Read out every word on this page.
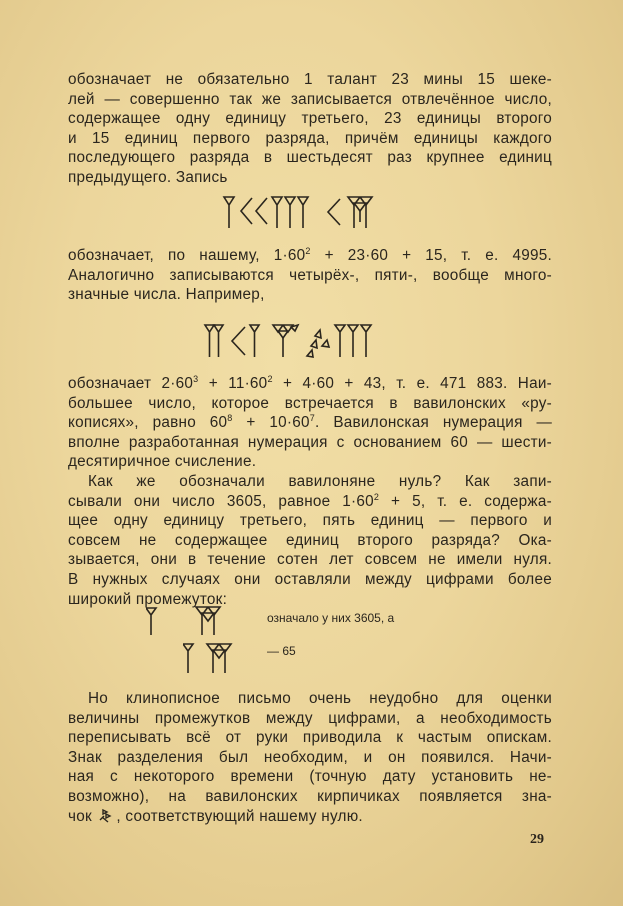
обозначает не обязательно 1 талант 23 мины 15 шеке-
лей — совершенно так же записывается отвлечённое число,
содержащее одну единицу третьего, 23 единицы второго
и 15 единиц первого разряда, причём единицы каждого
последующего разряда в шестьдесят раз крупнее единиц
предыдущего. Запись
обозначает, по нашему, $1\cdot 60^2 + 23\cdot 60 + 15$, т. е. 4995.
Аналогично записываются четырёх-, пяти-, вообще много-
значные числа. Например,
обозначает $2\cdot 60^3 + 11\cdot 60^2 + 4\cdot 60 + 43$, т. е. 471 883. Наи-
большее число, которое встречается в вавилонских «ру-
кописях», равно $60^8 + 10\cdot 60^7$. Вавилонская нумерация —
вполне разработанная нумерация с основанием 60 — шести-
десятиричное счисление.
Как же обозначали вавилоняне нуль? Как запи-
сывали они число 3605, равное $1\cdot 60^2 + 5$, т. е. содержа-
щее одну единицу третьего, пять единиц — первого и
совсем не содержащее единиц второго разряда? Ока-
зывается, они в течение сотен лет совсем не имели нуля.
В нужных случаях они оставляли между цифрами более
широкий промежуток:
означало у них 3605, а
— 65
Но клинописное письмо очень неудобно для оценки
величины промежутков между цифрами, а необходимость
переписывать всё от руки приводила к частым опискам.
Знак разделения был необходим, и он появился. Начи-
ная с некоторого времени (точную дату установить не-
возможно), на вавилонских кирпичиках появляется зна-
чок , соответствующий нашему нулю.
29
